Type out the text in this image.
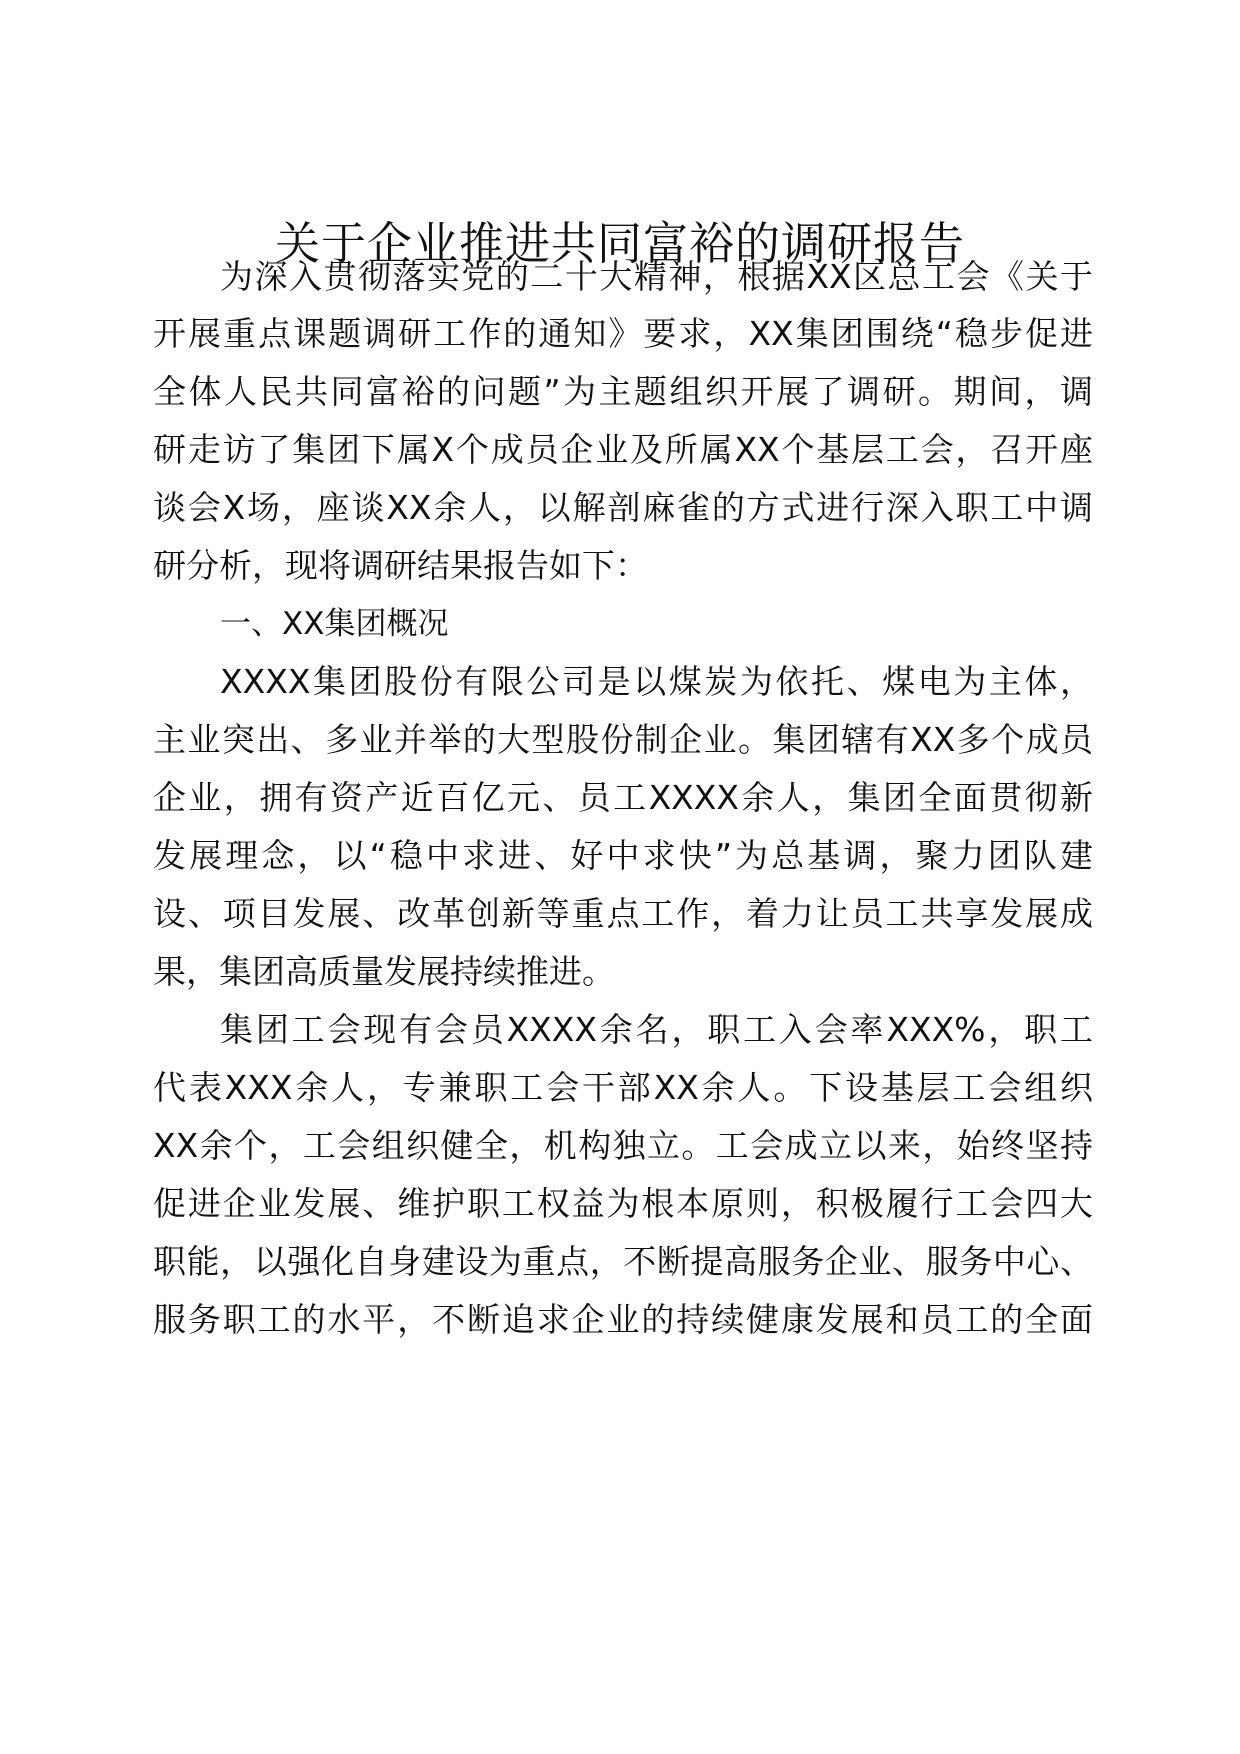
关于企业推进共同富裕的调研报告
为深入贯彻落实党的二十大精神，根据XX区总工会《关于
开展重点课题调研工作的通知》要求，XX集团围绕“稳步促进
全体人民共同富裕的问题”为主题组织开展了调研。期间，调
研走访了集团下属X个成员企业及所属XX个基层工会，召开座
谈会X场，座谈XX余人，以解剖麻雀的方式进行深入职工中调
研分析，现将调研结果报告如下：
一、XX集团概况
XXXX集团股份有限公司是以煤炭为依托、煤电为主体，
主业突出、多业并举的大型股份制企业。集团辖有XX多个成员
企业，拥有资产近百亿元、员工XXXX余人，集团全面贯彻新
发展理念，以“稳中求进、好中求快”为总基调，聚力团队建
设、项目发展、改革创新等重点工作，着力让员工共享发展成
果，集团高质量发展持续推进。
集团工会现有会员XXXX余名，职工入会率XXX%，职工
代表XXX余人，专兼职工会干部XX余人。下设基层工会组织
XX余个，工会组织健全，机构独立。工会成立以来，始终坚持
促进企业发展、维护职工权益为根本原则，积极履行工会四大
职能，以强化自身建设为重点，不断提高服务企业、服务中心、
服务职工的水平，不断追求企业的持续健康发展和员工的全面
